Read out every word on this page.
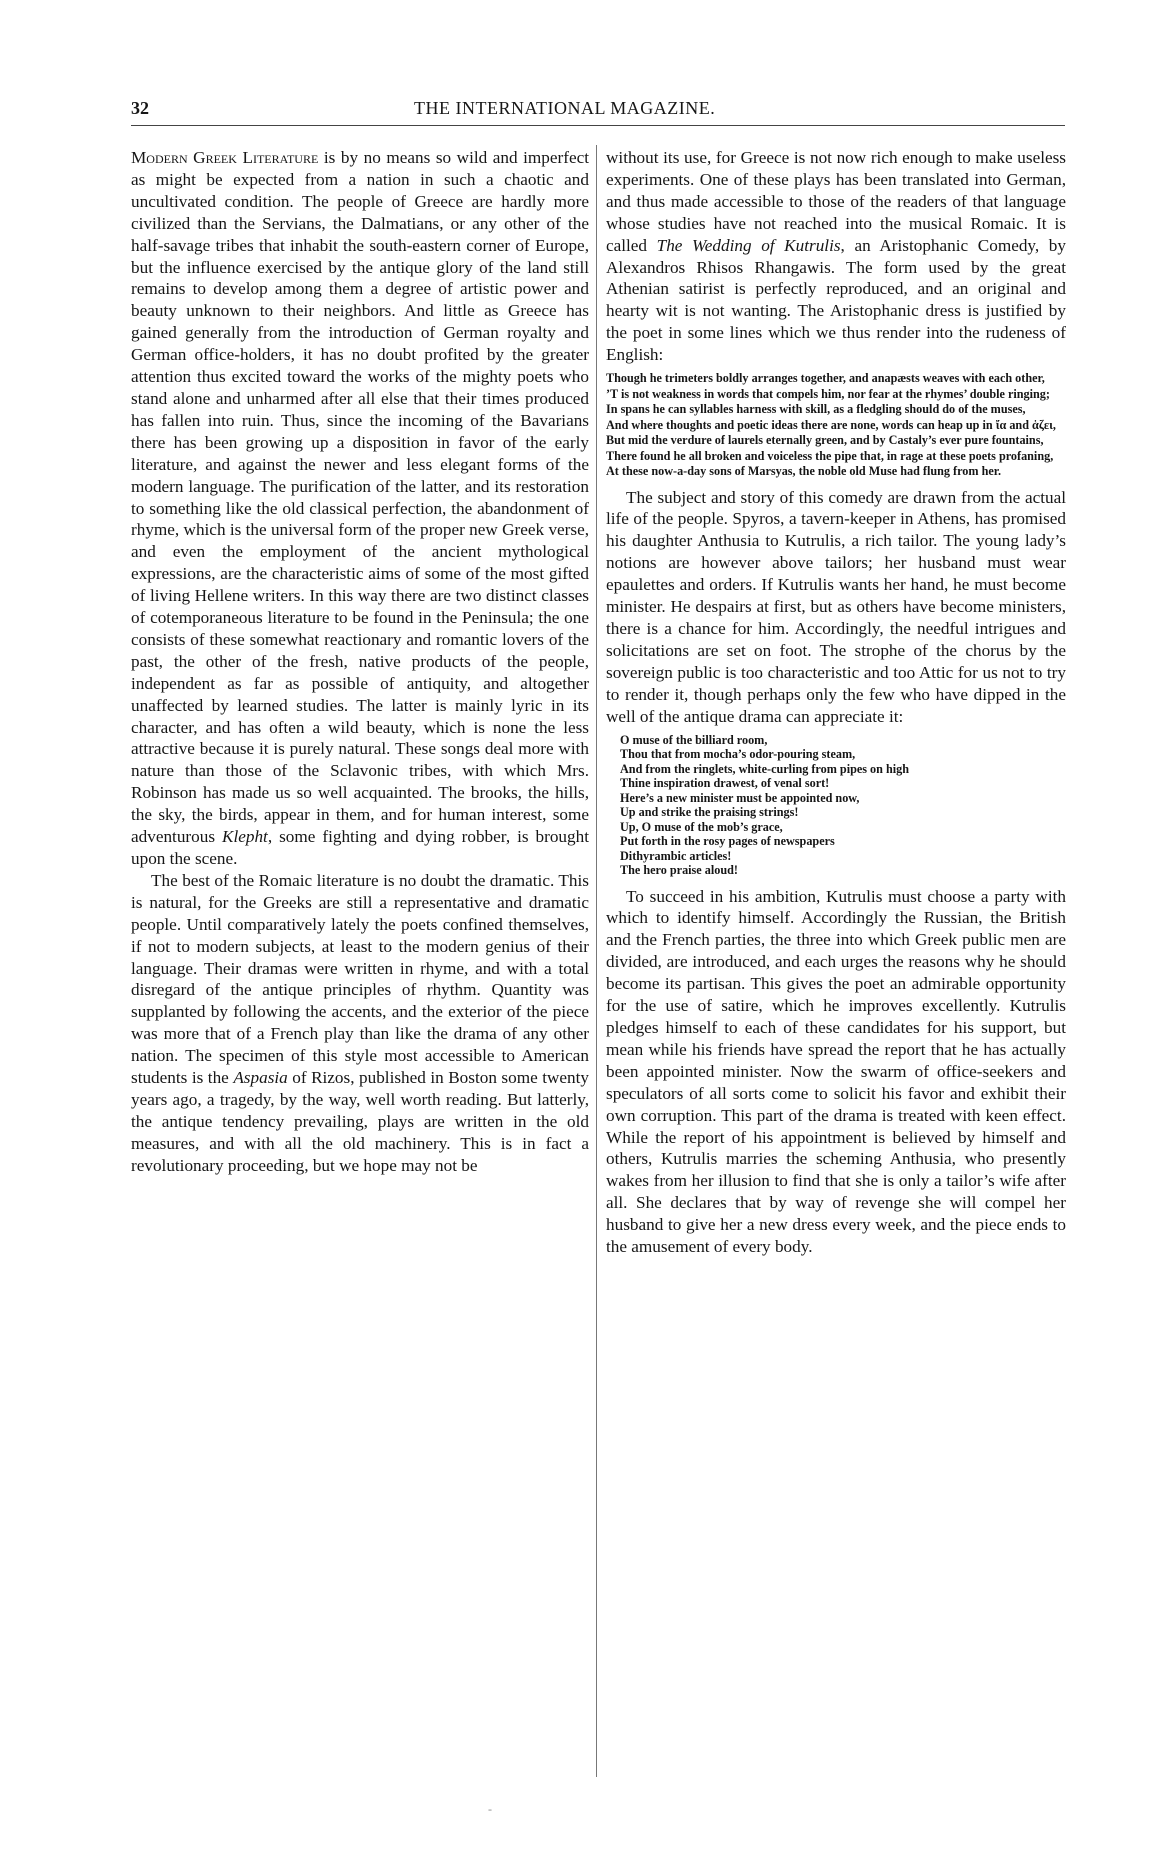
32	THE INTERNATIONAL MAGAZINE.

Modern Greek Literature is by no means so wild and imperfect as might be expected from a nation in such a chaotic and uncultivated condition. The people of Greece are hardly more civilized than the Servians, the Dalmatians, or any other of the half-savage tribes that inhabit the south-eastern corner of Europe, but the influence exercised by the antique glory of the land still remains to develop among them a degree of artistic power and beauty unknown to their neighbors. And little as Greece has gained generally from the introduction of German royalty and German office-holders, it has no doubt profited by the greater attention thus excited toward the works of the mighty poets who stand alone and unharmed after all else that their times produced has fallen into ruin. Thus, since the incoming of the Bavarians there has been growing up a disposition in favor of the early literature, and against the newer and less elegant forms of the modern language. The purification of the latter, and its restoration to something like the old classical perfection, the abandonment of rhyme, which is the universal form of the proper new Greek verse, and even the employment of the ancient mythological expressions, are the characteristic aims of some of the most gifted of living Hellene writers. In this way there are two distinct classes of cotemporaneous literature to be found in the Peninsula; the one consists of these somewhat reactionary and romantic lovers of the past, the other of the fresh, native products of the people, independent as far as possible of antiquity, and altogether unaffected by learned studies. The latter is mainly lyric in its character, and has often a wild beauty, which is none the less attractive because it is purely natural. These songs deal more with nature than those of the Sclavonic tribes, with which Mrs. Robinson has made us so well acquainted. The brooks, the hills, the sky, the birds, appear in them, and for human interest, some adventurous Klepht, some fighting and dying robber, is brought upon the scene.

The best of the Romaic literature is no doubt the dramatic. This is natural, for the Greeks are still a representative and dramatic people. Until comparatively lately the poets confined themselves, if not to modern subjects, at least to the modern genius of their language. Their dramas were written in rhyme, and with a total disregard of the antique principles of rhythm. Quantity was supplanted by following the accents, and the exterior of the piece was more that of a French play than like the drama of any other nation. The specimen of this style most accessible to American students is the Aspasia of Rizos, published in Boston some twenty years ago, a tragedy, by the way, well worth reading. But latterly, the antique tendency prevailing, plays are written in the old measures, and with all the old machinery. This is in fact a revolutionary proceeding, but we hope may not be

without its use, for Greece is not now rich enough to make useless experiments. One of these plays has been translated into German, and thus made accessible to those of the readers of that language whose studies have not reached into the musical Romaic. It is called The Wedding of Kutrulis, an Aristophanic Comedy, by Alexandros Rhisos Rhangawis. The form used by the great Athenian satirist is perfectly reproduced, and an original and hearty wit is not wanting. The Aristophanic dress is justified by the poet in some lines which we thus render into the rudeness of English:

Though he trimeters boldly arranges together, and anapæsts weaves with each other,
’T is not weakness in words that compels him, nor fear at the rhymes’ double ringing;
In spans he can syllables harness with skill, as a fledgling should do of the muses,
And where thoughts and poetic ideas there are none, words can heap up in ἴα and ἁζει,
But mid the verdure of laurels eternally green, and by Castaly’s ever pure fountains,
There found he all broken and voiceless the pipe that, in rage at these poets profaning,
At these now-a-day sons of Marsyas, the noble old Muse had flung from her.

The subject and story of this comedy are drawn from the actual life of the people. Spyros, a tavern-keeper in Athens, has promised his daughter Anthusia to Kutrulis, a rich tailor. The young lady’s notions are however above tailors; her husband must wear epaulettes and orders. If Kutrulis wants her hand, he must become minister. He despairs at first, but as others have become ministers, there is a chance for him. Accordingly, the needful intrigues and solicitations are set on foot. The strophe of the chorus by the sovereign public is too characteristic and too Attic for us not to try to render it, though perhaps only the few who have dipped in the well of the antique drama can appreciate it:

O muse of the billiard room,
Thou that from mocha’s odor-pouring steam,
And from the ringlets, white-curling from pipes on high
Thine inspiration drawest, of venal sort!
Here’s a new minister must be appointed now,
Up and strike the praising strings!
Up, O muse of the mob’s grace,
Put forth in the rosy pages of newspapers
Dithyrambic articles!
The hero praise aloud!

To succeed in his ambition, Kutrulis must choose a party with which to identify himself. Accordingly the Russian, the British and the French parties, the three into which Greek public men are divided, are introduced, and each urges the reasons why he should become its partisan. This gives the poet an admirable opportunity for the use of satire, which he improves excellently. Kutrulis pledges himself to each of these candidates for his support, but mean while his friends have spread the report that he has actually been appointed minister. Now the swarm of office-seekers and speculators of all sorts come to solicit his favor and exhibit their own corruption. This part of the drama is treated with keen effect. While the report of his appointment is believed by himself and others, Kutrulis marries the scheming Anthusia, who presently wakes from her illusion to find that she is only a tailor’s wife after all. She declares that by way of revenge she will compel her husband to give her a new dress every week, and the piece ends to the amusement of every body.

-
